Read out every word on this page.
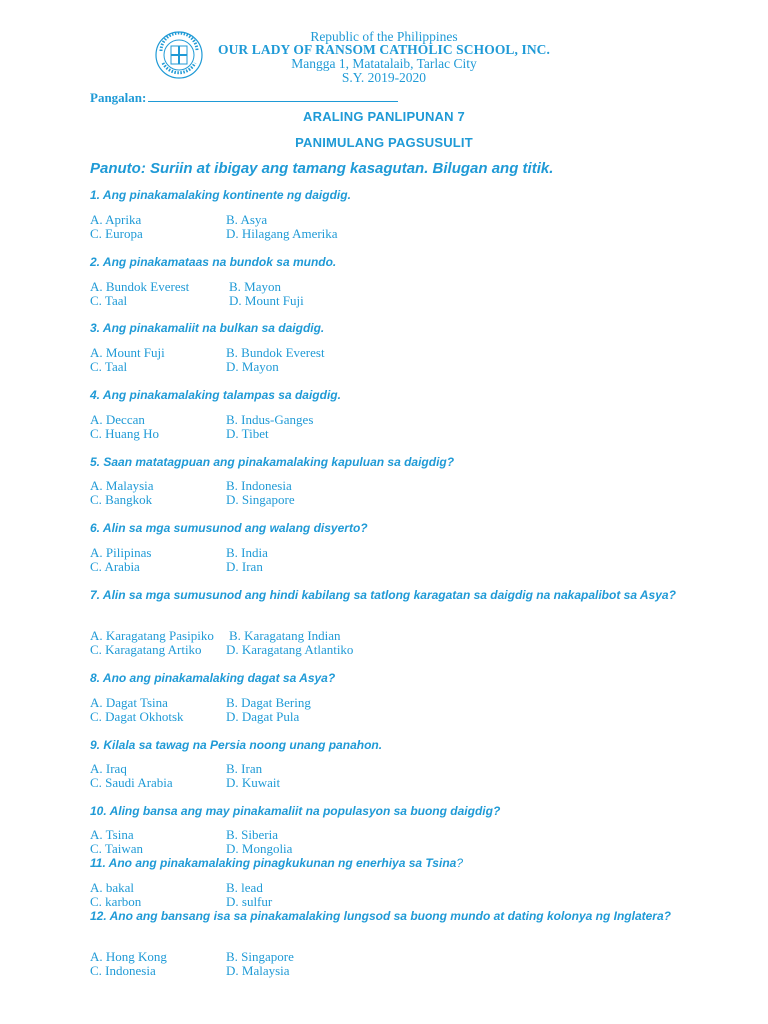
Republic of the Philippines
OUR LADY OF RANSOM CATHOLIC SCHOOL, INC.
Mangga 1, Matatalaib, Tarlac City
S.Y. 2019-2020
Pangalan:
ARALING PANLIPUNAN 7
PANIMULANG PAGSUSULIT
Panuto: Suriin at ibigay ang tamang kasagutan. Bilugan ang titik.
1. Ang pinakamalaking kontinente ng daigdig.
A. Aprika	B. Asya
C. Europa	D. Hilagang Amerika
2. Ang pinakamataas na bundok sa mundo.
A. Bundok Everest	B. Mayon
C. Taal	D. Mount Fuji
3. Ang pinakamaliit na bulkan sa daigdig.
A. Mount Fuji	B. Bundok Everest
C. Taal	D. Mayon
4. Ang pinakamalaking talampas sa daigdig.
A. Deccan	B. Indus-Ganges
C. Huang Ho	D. Tibet
5. Saan matatagpuan ang pinakamalaking kapuluan sa daigdig?
A. Malaysia	B. Indonesia
C. Bangkok	D. Singapore
6. Alin sa mga sumusunod ang walang disyerto?
A. Pilipinas	B. India
C. Arabia	D. Iran
7. Alin sa mga sumusunod ang hindi kabilang sa tatlong karagatan sa daigdig na nakapalibot sa Asya?
A. Karagatang Pasipiko B. Karagatang Indian
C. Karagatang Artiko D. Karagatang Atlantiko
8. Ano ang pinakamalaking dagat sa Asya?
A. Dagat Tsina	B. Dagat Bering
C. Dagat Okhotsk	D. Dagat Pula
9. Kilala sa tawag na Persia noong unang panahon.
A. Iraq	B. Iran
C. Saudi Arabia	D. Kuwait
10. Aling bansa ang may pinakamaliit na populasyon sa buong daigdig?
A. Tsina	B. Siberia
C. Taiwan	D. Mongolia
11. Ano ang pinakamalaking pinagkukunan ng enerhiya sa Tsina?
A. bakal	B. lead
C. karbon	D. sulfur
12. Ano ang bansang isa sa pinakamalaking lungsod sa buong mundo at dating kolonya ng Inglatera?
A. Hong Kong	B. Singapore
C. Indonesia	D. Malaysia
